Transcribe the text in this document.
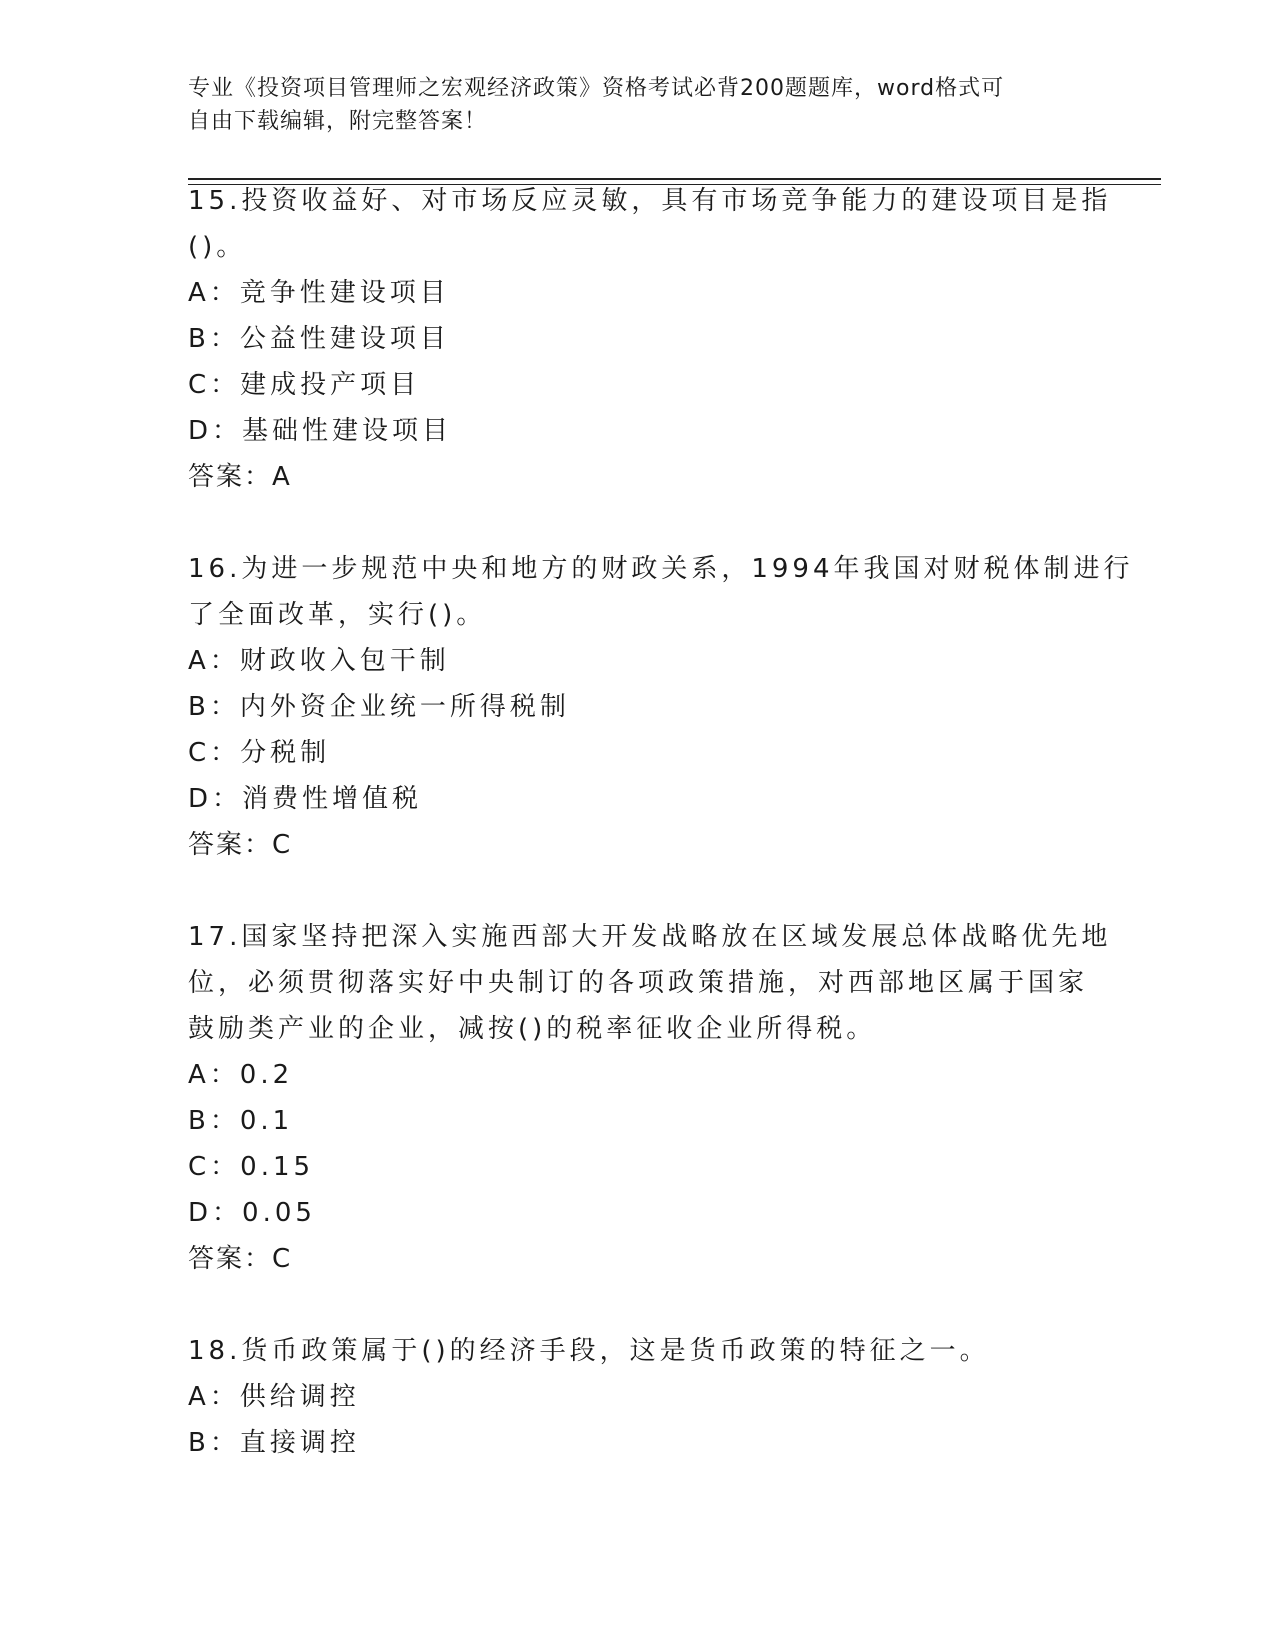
专业《投资项目管理师之宏观经济政策》资格考试必背200题题库，word格式可
自由下载编辑，附完整答案！
15.投资收益好、对市场反应灵敏，具有市场竞争能力的建设项目是指
()。
A：竞争性建设项目
B：公益性建设项目
C：建成投产项目
D：基础性建设项目
答案：A
16.为进一步规范中央和地方的财政关系，1994年我国对财税体制进行
了全面改革，实行()。
A：财政收入包干制
B：内外资企业统一所得税制
C：分税制
D：消费性增值税
答案：C
17.国家坚持把深入实施西部大开发战略放在区域发展总体战略优先地
位，必须贯彻落实好中央制订的各项政策措施，对西部地区属于国家
鼓励类产业的企业，减按()的税率征收企业所得税。
A：0.2
B：0.1
C：0.15
D：0.05
答案：C
18.货币政策属于()的经济手段，这是货币政策的特征之一。
A：供给调控
B：直接调控
